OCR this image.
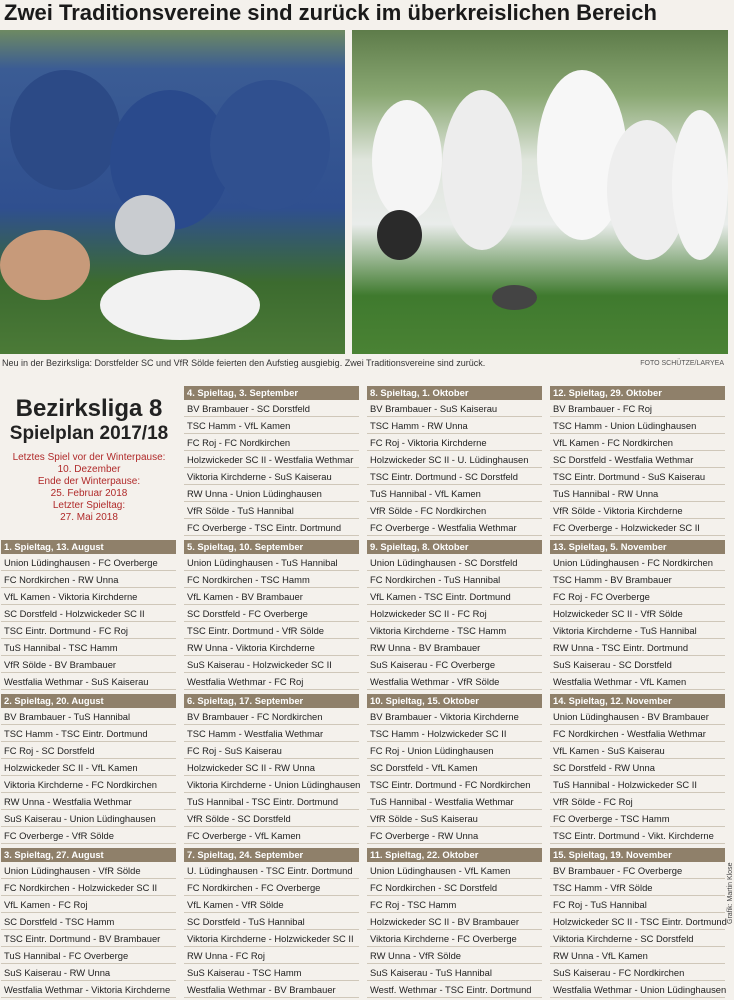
Zwei Traditionsvereine sind zurück im überkreislichen Bereich
Neu in der Bezirksliga: Dorstfelder SC und VfR Sölde feierten den Aufstieg ausgiebig. Zwei Traditionsvereine sind zurück.	FOTO SCHÜTZE/LARYEA
Bezirksliga 8
Spielplan 2017/18
Letztes Spiel vor der Winterpause:
10. Dezember
Ende der Winterpause:
25. Februar 2018
Letzter Spieltag:
27. Mai 2018
1. Spieltag, 13. August
Union Lüdinghausen - FC Overberge
FC Nordkirchen - RW Unna
VfL Kamen - Viktoria Kirchderne
SC Dorstfeld - Holzwickeder SC II
TSC Eintr. Dortmund - FC Roj
TuS Hannibal - TSC Hamm
VfR Sölde - BV Brambauer
Westfalia Wethmar - SuS Kaiserau
2. Spieltag, 20. August
BV Brambauer - TuS Hannibal
TSC Hamm - TSC Eintr. Dortmund
FC Roj - SC Dorstfeld
Holzwickeder SC II - VfL Kamen
Viktoria Kirchderne - FC Nordkirchen
RW Unna - Westfalia Wethmar
SuS Kaiserau - Union Lüdinghausen
FC Overberge - VfR Sölde
3. Spieltag, 27. August
Union Lüdinghausen - VfR Sölde
FC Nordkirchen - Holzwickeder SC II
VfL Kamen - FC Roj
SC Dorstfeld - TSC Hamm
TSC Eintr. Dortmund - BV Brambauer
TuS Hannibal - FC Overberge
SuS Kaiserau - RW Unna
Westfalia Wethmar - Viktoria Kirchderne
4. Spieltag, 3. September
BV Brambauer - SC Dorstfeld
TSC Hamm - VfL Kamen
FC Roj - FC Nordkirchen
Holzwickeder SC II - Westfalia Wethmar
Viktoria Kirchderne - SuS Kaiserau
RW Unna - Union Lüdinghausen
VfR Sölde - TuS Hannibal
FC Overberge - TSC Eintr. Dortmund
5. Spieltag, 10. September
Union Lüdinghausen - TuS Hannibal
FC Nordkirchen - TSC Hamm
VfL Kamen - BV Brambauer
SC Dorstfeld - FC Overberge
TSC Eintr. Dortmund - VfR Sölde
RW Unna - Viktoria Kirchderne
SuS Kaiserau - Holzwickeder SC II
Westfalia Wethmar - FC Roj
6. Spieltag, 17. September
BV Brambauer - FC Nordkirchen
TSC Hamm - Westfalia Wethmar
FC Roj - SuS Kaiserau
Holzwickeder SC II - RW Unna
Viktoria Kirchderne - Union Lüdinghausen
TuS Hannibal - TSC Eintr. Dortmund
VfR Sölde - SC Dorstfeld
FC Overberge - VfL Kamen
7. Spieltag, 24. September
U. Lüdinghausen - TSC Eintr. Dortmund
FC Nordkirchen - FC Overberge
VfL Kamen - VfR Sölde
SC Dorstfeld - TuS Hannibal
Viktoria Kirchderne - Holzwickeder SC II
RW Unna - FC Roj
SuS Kaiserau - TSC Hamm
Westfalia Wethmar - BV Brambauer
8. Spieltag, 1. Oktober
BV Brambauer - SuS Kaiserau
TSC Hamm - RW Unna
FC Roj - Viktoria Kirchderne
Holzwickeder SC II - U. Lüdinghausen
TSC Eintr. Dortmund - SC Dorstfeld
TuS Hannibal - VfL Kamen
VfR Sölde - FC Nordkirchen
FC Overberge - Westfalia Wethmar
9. Spieltag, 8. Oktober
Union Lüdinghausen - SC Dorstfeld
FC Nordkirchen - TuS Hannibal
VfL Kamen - TSC Eintr. Dortmund
Holzwickeder SC II - FC Roj
Viktoria Kirchderne - TSC Hamm
RW Unna - BV Brambauer
SuS Kaiserau - FC Overberge
Westfalia Wethmar - VfR Sölde
10. Spieltag, 15. Oktober
BV Brambauer - Viktoria Kirchderne
TSC Hamm - Holzwickeder SC II
FC Roj - Union Lüdinghausen
SC Dorstfeld - VfL Kamen
TSC Eintr. Dortmund - FC Nordkirchen
TuS Hannibal - Westfalia Wethmar
VfR Sölde - SuS Kaiserau
FC Overberge - RW Unna
11. Spieltag, 22. Oktober
Union Lüdinghausen - VfL Kamen
FC Nordkirchen - SC Dorstfeld
FC Roj - TSC Hamm
Holzwickeder SC II - BV Brambauer
Viktoria Kirchderne - FC Overberge
RW Unna - VfR Sölde
SuS Kaiserau - TuS Hannibal
Westf. Wethmar - TSC Eintr. Dortmund
12. Spieltag, 29. Oktober
BV Brambauer - FC Roj
TSC Hamm - Union Lüdinghausen
VfL Kamen - FC Nordkirchen
SC Dorstfeld - Westfalia Wethmar
TSC Eintr. Dortmund - SuS Kaiserau
TuS Hannibal - RW Unna
VfR Sölde - Viktoria Kirchderne
FC Overberge - Holzwickeder SC II
13. Spieltag, 5. November
Union Lüdinghausen - FC Nordkirchen
TSC Hamm - BV Brambauer
FC Roj - FC Overberge
Holzwickeder SC II - VfR Sölde
Viktoria Kirchderne - TuS Hannibal
RW Unna - TSC Eintr. Dortmund
SuS Kaiserau - SC Dorstfeld
Westfalia Wethmar - VfL Kamen
14. Spieltag, 12. November
Union Lüdinghausen - BV Brambauer
FC Nordkirchen - Westfalia Wethmar
VfL Kamen - SuS Kaiserau
SC Dorstfeld - RW Unna
TuS Hannibal - Holzwickeder SC II
VfR Sölde - FC Roj
FC Overberge - TSC Hamm
TSC Eintr. Dortmund - Vikt. Kirchderne
15. Spieltag, 19. November
BV Brambauer - FC Overberge
TSC Hamm - VfR Sölde
FC Roj - TuS Hannibal
Holzwickeder SC II - TSC Eintr. Dortmund
Viktoria Kirchderne - SC Dorstfeld
RW Unna - VfL Kamen
SuS Kaiserau - FC Nordkirchen
Westfalia Wethmar - Union Lüdinghausen
Grafik: Martin Klose
